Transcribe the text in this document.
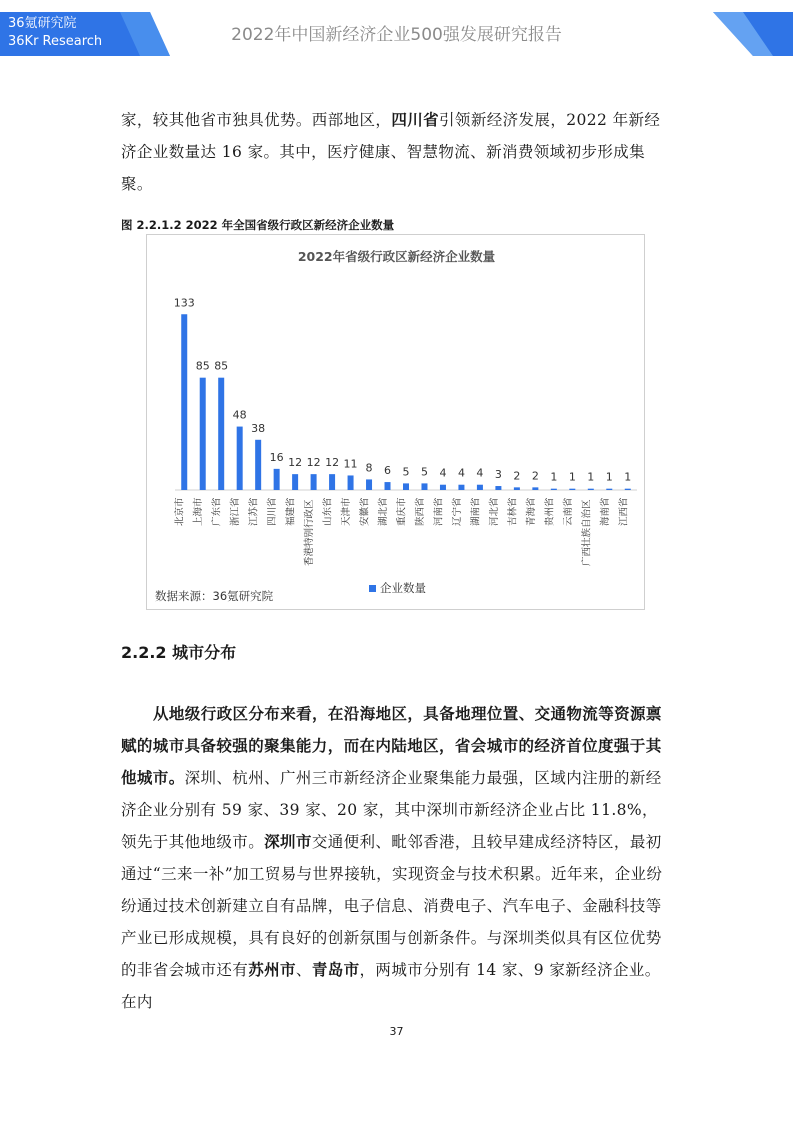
36氪研究院
36Kr Research	2022年中国新经济企业500强发展研究报告

家，较其他省市独具优势。西部地区，四川省引领新经济发展，2022 年新经济企业数量达 16 家。其中，医疗健康、智慧物流、新消费领域初步形成集聚。

图 2.2.1.2 2022 年全国省级行政区新经济企业数量
2022年省级行政区新经济企业数量
133
北京市
85
上海市
85
广东省
48
浙江省
38
江苏省
16
四川省
12
福建省
12
香港特别行政区
12
山东省
11
天津市
8
安徽省
6
湖北省
5
重庆市
5
陕西省
4
河南省
4
辽宁省
4
湖南省
3
河北省
2
吉林省
2
青海省
1
贵州省
1
云南省
1
广西壮族自治区
1
海南省
1
江西省
企业数量
数据来源：36氪研究院
2.2.2 城市分布

从地级行政区分布来看，在沿海地区，具备地理位置、交通物流等资源禀赋的城市具备较强的聚集能力，而在内陆地区，省会城市的经济首位度强于其他城市。深圳、杭州、广州三市新经济企业聚集能力最强，区域内注册的新经济企业分别有 59 家、39 家、20 家，其中深圳市新经济企业占比 11.8%，领先于其他地级市。深圳市交通便利、毗邻香港，且较早建成经济特区，最初通过“三来一补”加工贸易与世界接轨，实现资金与技术积累。近年来，企业纷纷通过技术创新建立自有品牌，电子信息、消费电子、汽车电子、金融科技等产业已形成规模，具有良好的创新氛围与创新条件。与深圳类似具有区位优势的非省会城市还有苏州市、青岛市，两城市分别有 14 家、9 家新经济企业。在内

37
